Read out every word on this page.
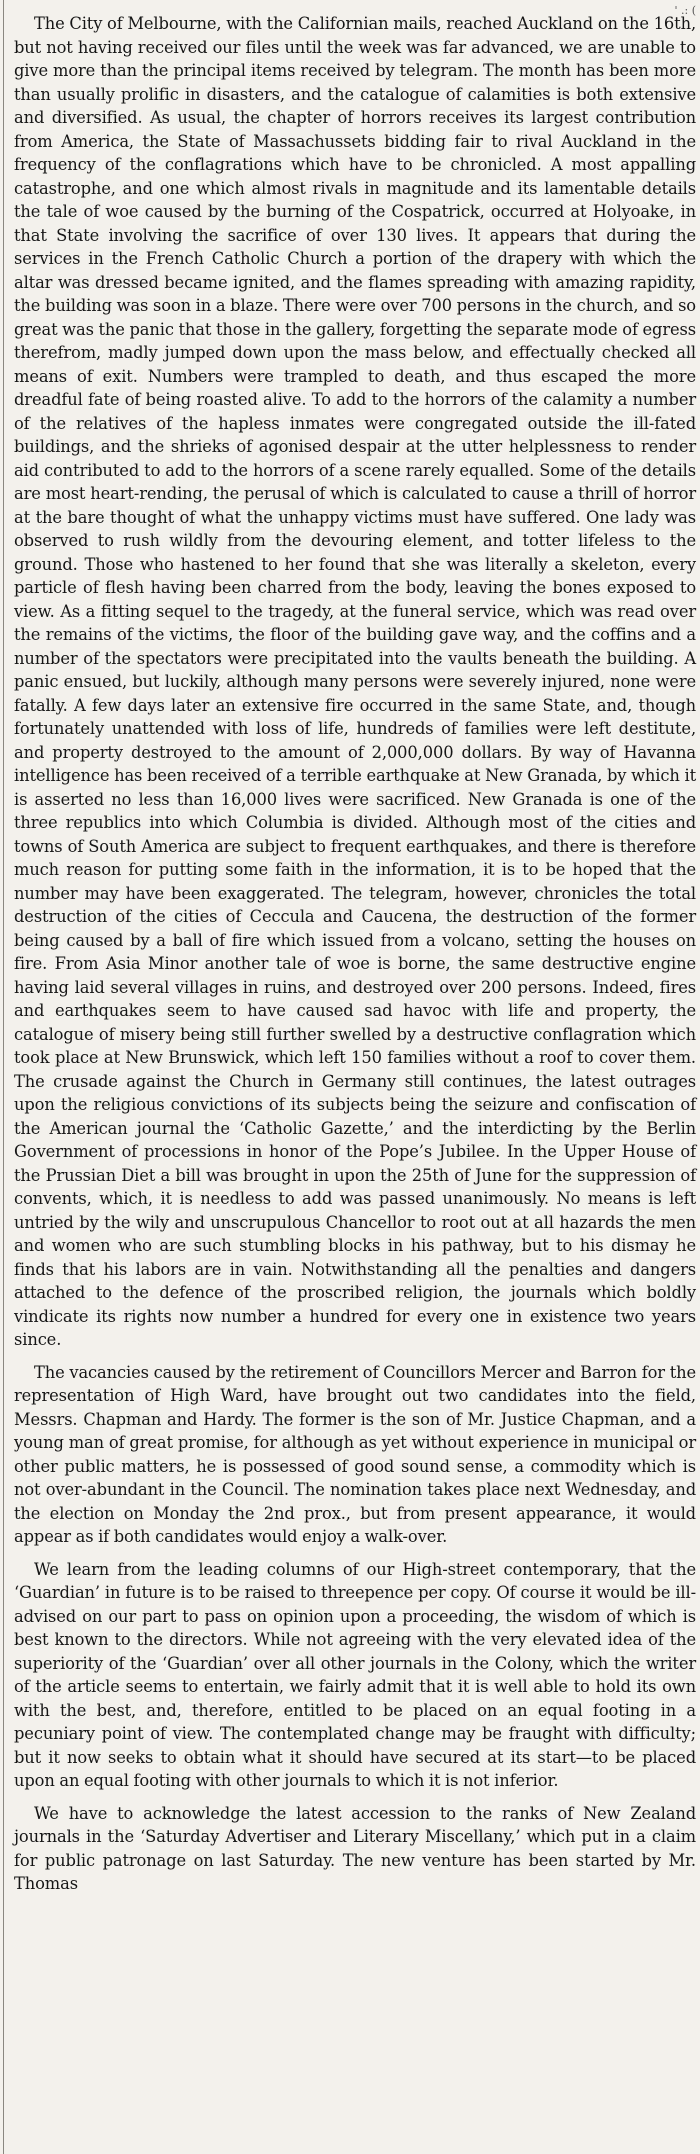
' .: (

The City of Melbourne, with the Californian mails, reached Auckland on the 16th, but not having received our files until the week was far advanced, we are unable to give more than the principal items received by telegram. The month has been more than usually prolific in disasters, and the catalogue of calamities is both extensive and diversified. As usual, the chapter of horrors receives its largest contribution from America, the State of Massachussets bidding fair to rival Auckland in the frequency of the conflagrations which have to be chronicled. A most appalling catastrophe, and one which almost rivals in magnitude and its lamentable details the tale of woe caused by the burning of the Cospatrick, occurred at Holyoake, in that State involving the sacrifice of over 130 lives. It appears that during the services in the French Catholic Church a portion of the drapery with which the altar was dressed became ignited, and the flames spreading with amazing rapidity, the building was soon in a blaze. There were over 700 persons in the church, and so great was the panic that those in the gallery, forgetting the separate mode of egress therefrom, madly jumped down upon the mass below, and effectually checked all means of exit. Numbers were trampled to death, and thus escaped the more dreadful fate of being roasted alive. To add to the horrors of the calamity a number of the relatives of the hapless inmates were congregated outside the ill-fated buildings, and the shrieks of agonised despair at the utter helplessness to render aid contributed to add to the horrors of a scene rarely equalled. Some of the details are most heart-rending, the perusal of which is calculated to cause a thrill of horror at the bare thought of what the unhappy victims must have suffered. One lady was observed to rush wildly from the devouring element, and totter lifeless to the ground. Those who hastened to her found that she was literally a skeleton, every particle of flesh having been charred from the body, leaving the bones exposed to view. As a fitting sequel to the tragedy, at the funeral service, which was read over the remains of the victims, the floor of the building gave way, and the coffins and a number of the spectators were precipitated into the vaults beneath the building. A panic ensued, but luckily, although many persons were severely injured, none were fatally. A few days later an extensive fire occurred in the same State, and, though fortunately unattended with loss of life, hundreds of families were left destitute, and property destroyed to the amount of 2,000,000 dollars. By way of Havanna intelligence has been received of a terrible earthquake at New Granada, by which it is asserted no less than 16,000 lives were sacrificed. New Granada is one of the three republics into which Columbia is divided. Although most of the cities and towns of South America are subject to frequent earthquakes, and there is therefore much reason for putting some faith in the information, it is to be hoped that the number may have been exaggerated. The telegram, however, chronicles the total destruction of the cities of Ceccula and Caucena, the destruction of the former being caused by a ball of fire which issued from a volcano, setting the houses on fire. From Asia Minor another tale of woe is borne, the same destructive engine having laid several villages in ruins, and destroyed over 200 persons. Indeed, fires and earthquakes seem to have caused sad havoc with life and property, the catalogue of misery being still further swelled by a destructive conflagration which took place at New Brunswick, which left 150 families without a roof to cover them. The crusade against the Church in Germany still continues, the latest outrages upon the religious convictions of its subjects being the seizure and confiscation of the American journal the ‘Catholic Gazette,’ and the interdicting by the Berlin Government of processions in honor of the Pope’s Jubilee. In the Upper House of the Prussian Diet a bill was brought in upon the 25th of June for the suppression of convents, which, it is needless to add was passed unanimously. No means is left untried by the wily and unscrupulous Chancellor to root out at all hazards the men and women who are such stumbling blocks in his pathway, but to his dismay he finds that his labors are in vain. Notwithstanding all the penalties and dangers attached to the defence of the proscribed religion, the journals which boldly vindicate its rights now number a hundred for every one in existence two years since.

The vacancies caused by the retirement of Councillors Mercer and Barron for the representation of High Ward, have brought out two candidates into the field, Messrs. Chapman and Hardy. The former is the son of Mr. Justice Chapman, and a young man of great promise, for although as yet without experience in municipal or other public matters, he is possessed of good sound sense, a commodity which is not over-abundant in the Council. The nomination takes place next Wednesday, and the election on Monday the 2nd prox., but from present appearance, it would appear as if both candidates would enjoy a walk-over.

We learn from the leading columns of our High-street contemporary, that the ‘Guardian’ in future is to be raised to threepence per copy. Of course it would be ill-advised on our part to pass on opinion upon a proceeding, the wisdom of which is best known to the directors. While not agreeing with the very elevated idea of the superiority of the ‘Guardian’ over all other journals in the Colony, which the writer of the article seems to entertain, we fairly admit that it is well able to hold its own with the best, and, therefore, entitled to be placed on an equal footing in a pecuniary point of view. The contemplated change may be fraught with difficulty; but it now seeks to obtain what it should have secured at its start—to be placed upon an equal footing with other journals to which it is not inferior.

We have to acknowledge the latest accession to the ranks of New Zealand journals in the ‘Saturday Advertiser and Literary Miscellany,’ which put in a claim for public patronage on last Saturday. The new venture has been started by Mr. Thomas
